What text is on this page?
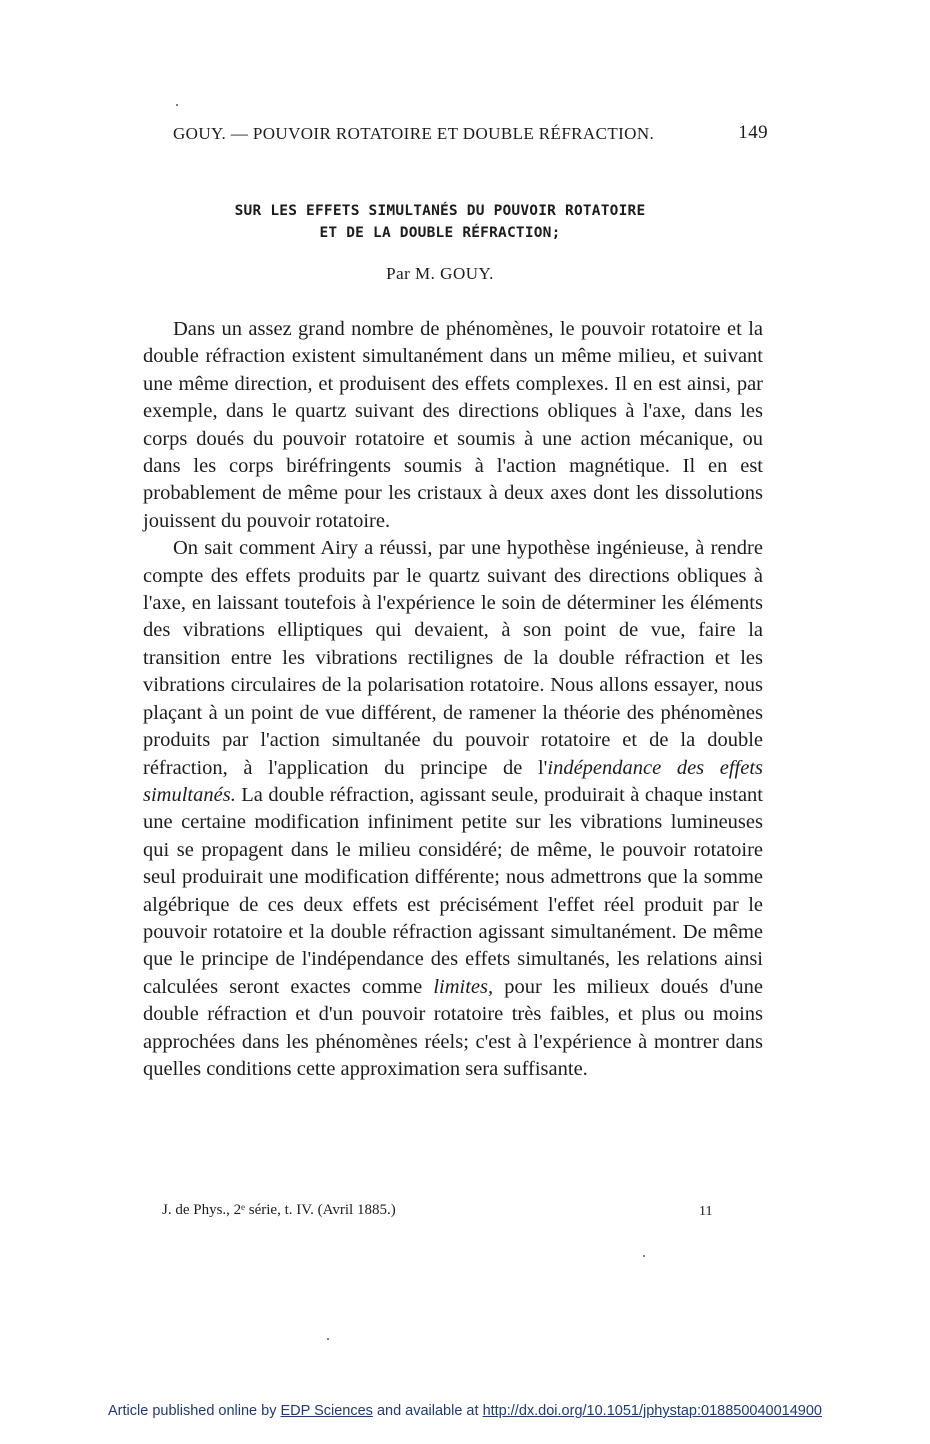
GOUY. — POUVOIR ROTATOIRE ET DOUBLE RÉFRACTION.	149
SUR LES EFFETS SIMULTANÉS DU POUVOIR ROTATOIRE
ET DE LA DOUBLE RÉFRACTION;
Par M. GOUY.

Dans un assez grand nombre de phénomènes, le pouvoir rotatoire et la double réfraction existent simultanément dans un même milieu, et suivant une même direction, et produisent des effets complexes. Il en est ainsi, par exemple, dans le quartz suivant des directions obliques à l'axe, dans les corps doués du pouvoir rotatoire et soumis à une action mécanique, ou dans les corps biréfringents soumis à l'action magnétique. Il en est probablement de même pour les cristaux à deux axes dont les dissolutions jouissent du pouvoir rotatoire.

On sait comment Airy a réussi, par une hypothèse ingénieuse, à rendre compte des effets produits par le quartz suivant des directions obliques à l'axe, en laissant toutefois à l'expérience le soin de déterminer les éléments des vibrations elliptiques qui devaient, à son point de vue, faire la transition entre les vibrations rectilignes de la double réfraction et les vibrations circulaires de la polarisation rotatoire. Nous allons essayer, nous plaçant à un point de vue différent, de ramener la théorie des phénomènes produits par l'action simultanée du pouvoir rotatoire et de la double réfraction, à l'application du principe de l'indépendance des effets simultanés. La double réfraction, agissant seule, produirait à chaque instant une certaine modification infiniment petite sur les vibrations lumineuses qui se propagent dans le milieu considéré; de même, le pouvoir rotatoire seul produirait une modification différente; nous admettrons que la somme algébrique de ces deux effets est précisément l'effet réel produit par le pouvoir rotatoire et la double réfraction agissant simultanément. De même que le principe de l'indépendance des effets simultanés, les relations ainsi calculées seront exactes comme limites, pour les milieux doués d'une double réfraction et d'un pouvoir rotatoire très faibles, et plus ou moins approchées dans les phénomènes réels; c'est à l'expérience à montrer dans quelles conditions cette approximation sera suffisante.

J. de Phys., 2ᵉ série, t. IV. (Avril 1885.)	11
Article published online by EDP Sciences and available at http://dx.doi.org/10.1051/jphystap:018850040014900
